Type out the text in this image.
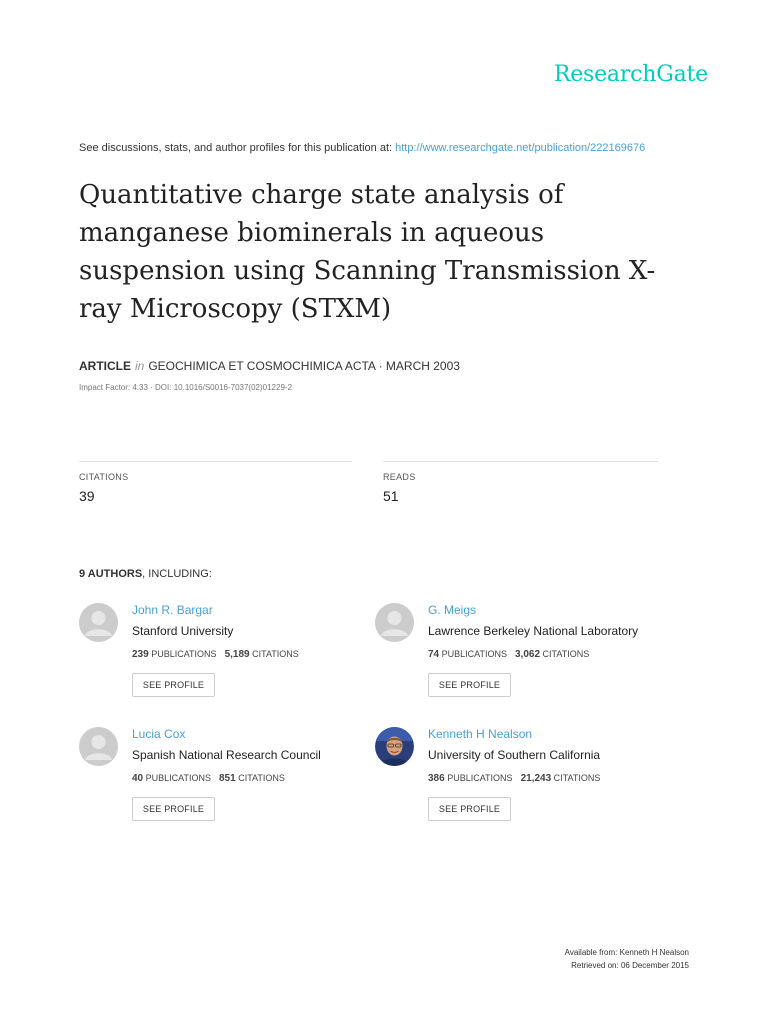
ResearchGate
See discussions, stats, and author profiles for this publication at: http://www.researchgate.net/publication/222169676
Quantitative charge state analysis of manganese biominerals in aqueous suspension using Scanning Transmission X-ray Microscopy (STXM)
ARTICLE in GEOCHIMICA ET COSMOCHIMICA ACTA · MARCH 2003
Impact Factor: 4.33 · DOI: 10.1016/S0016-7037(02)01229-2
CITATIONS
39
READS
51
9 AUTHORS, INCLUDING:
John R. Bargar
Stanford University
239 PUBLICATIONS 5,189 CITATIONS
SEE PROFILE
G. Meigs
Lawrence Berkeley National Laboratory
74 PUBLICATIONS 3,062 CITATIONS
SEE PROFILE
Lucia Cox
Spanish National Research Council
40 PUBLICATIONS 851 CITATIONS
SEE PROFILE
Kenneth H Nealson
University of Southern California
386 PUBLICATIONS 21,243 CITATIONS
SEE PROFILE
Available from: Kenneth H Nealson
Retrieved on: 06 December 2015
